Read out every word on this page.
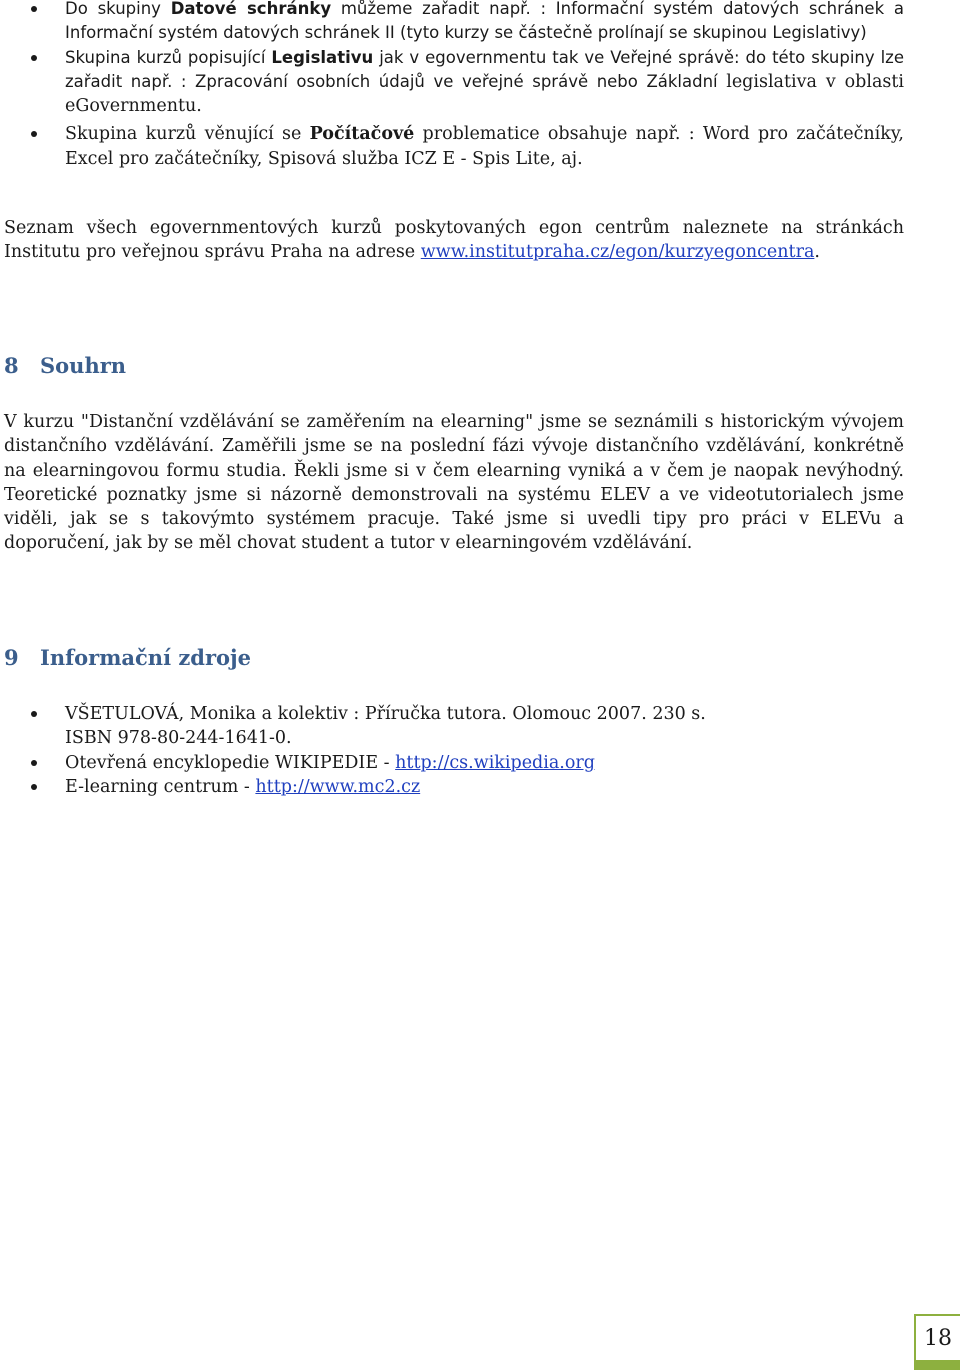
Do skupiny Datové schránky můžeme zařadit např. : Informační systém datových schránek a Informační systém datových schránek II (tyto kurzy se částečně prolínají se skupinou Legislativy)
Skupina kurzů popisující Legislativu jak v egovernmentu tak ve Veřejné správě: do této skupiny lze zařadit např. : Zpracování osobních údajů ve veřejné správě nebo Základní legislativa v oblasti eGovernmentu.
Skupina kurzů věnující se Počítačové problematice obsahuje např. : Word pro začátečníky, Excel pro začátečníky, Spisová služba ICZ E - Spis Lite, aj.

Seznam všech egovernmentových kurzů poskytovaných egon centrům naleznete na stránkách Institutu pro veřejnou správu Praha na adrese www.institutpraha.cz/egon/kurzyegoncentra.

8 Souhrn

V kurzu "Distanční vzdělávání se zaměřením na elearning" jsme se seznámili s historickým vývojem distančního vzdělávání. Zaměřili jsme se na poslední fázi vývoje distančního vzdělávání, konkrétně na elearningovou formu studia. Řekli jsme si v čem elearning vyniká a v čem je naopak nevýhodný. Teoretické poznatky jsme si názorně demonstrovali na systému ELEV a ve videotutorialech jsme viděli, jak se s takovýmto systémem pracuje. Také jsme si uvedli tipy pro práci v ELEVu a doporučení, jak by se měl chovat student a tutor v elearningovém vzdělávání.

9 Informační zdroje
VŠETULOVÁ, Monika a kolektiv : Příručka tutora. Olomouc 2007. 230 s.
ISBN 978-80-244-1641-0.
Otevřená encyklopedie WIKIPEDIE - http://cs.wikipedia.org
E-learning centrum - http://www.mc2.cz
18
